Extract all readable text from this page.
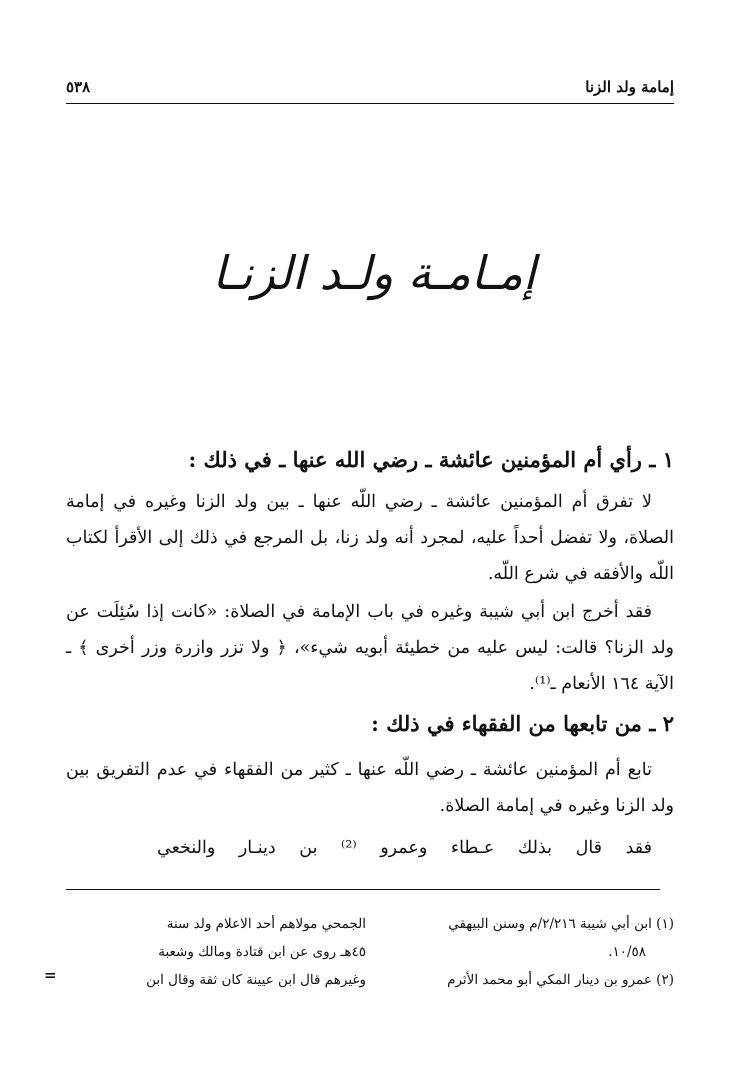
إمامة ولد الزنا
٥٣٨
إمـامـة ولـد الزنـا
١ ـ رأي أم المؤمنين عائشة ـ رضي الله عنها ـ في ذلك :

لا تفرق أم المؤمنين عائشة ـ رضي اللّه عنها ـ بين ولد الزنا وغيره في إمامة الصلاة، ولا تفضل أحداً عليه، لمجرد أنه ولد زنا، بل المرجع في ذلك إلى الأقرأ لكتاب اللّه والأفقه في شرع اللّه.

فقد أخرج ابن أبي شيبة وغيره في باب الإمامة في الصلاة: «كانت إذا سُئِلَت عن ولد الزنا؟ قالت: ليس عليه من خطيئة أبويه شيء»، ﴿ ولا تزر وازرة وزر أخرى ﴾ ـ الآية ١٦٤ الأنعام ـ⁽¹⁾.

٢ ـ من تابعها من الفقهاء في ذلك :

تابع أم المؤمنين عائشة ـ رضي اللّه عنها ـ كثير من الفقهاء في عدم التفريق بين ولد الزنا وغيره في إمامة الصلاة.

فقد قال بذلك عـطاء وعمرو ⁽²⁾ بن دينـار والنخعي

(١) ابن أبي شيبة ٢/٢١٦/م وسنن البيهقي

١٠/٥٨.

(٢) عمرو بن دينار المكي أبو محمد الأثرم

الجمحي مولاهم أحد الاعلام ولد سنة

٤٥هـ روى عن ابن قتادة ومالك وشعبة

وغيرهم قال ابن عيينة كان ثقة وقال ابن

=
